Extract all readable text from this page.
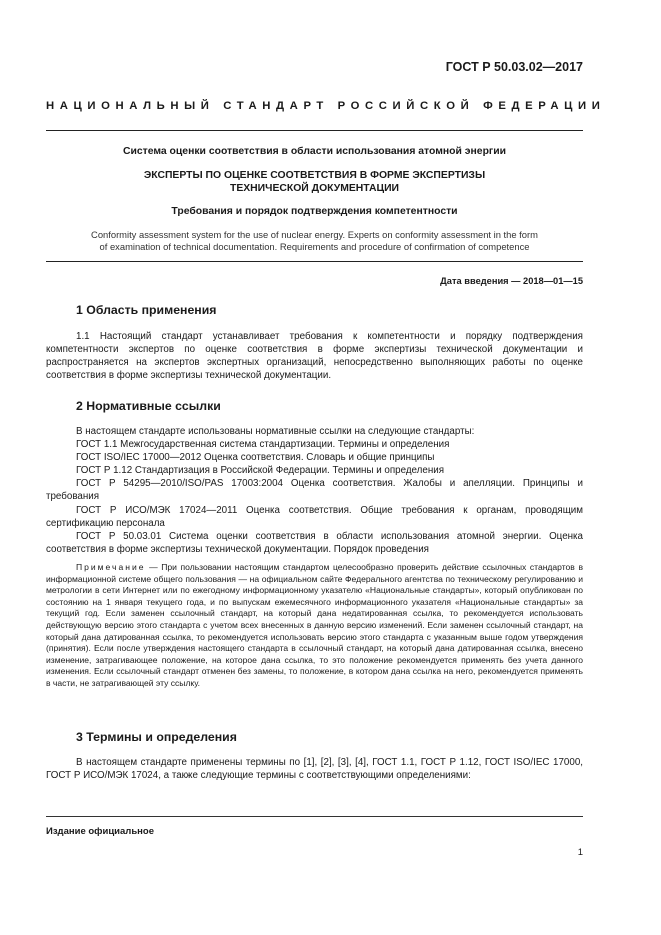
ГОСТ Р 50.03.02—2017
НАЦИОНАЛЬНЫЙ СТАНДАРТ РОССИЙСКОЙ ФЕДЕРАЦИИ
Система оценки соответствия в области использования атомной энергии
ЭКСПЕРТЫ ПО ОЦЕНКЕ СООТВЕТСТВИЯ В ФОРМЕ ЭКСПЕРТИЗЫ
ТЕХНИЧЕСКОЙ ДОКУМЕНТАЦИИ
Требования и порядок подтверждения компетентности
Conformity assessment system for the use of nuclear energy. Experts on conformity assessment in the form
of examination of technical documentation. Requirements and procedure of confirmation of competence
Дата введения — 2018—01—15
1 Область применения

1.1 Настоящий стандарт устанавливает требования к компетентности и порядку подтверждения компетентности экспертов по оценке соответствия в форме экспертизы технической документации и распространяется на экспертов экспертных организаций, непосредственно выполняющих работы по оценке соответствия в форме экспертизы технической документации.

2 Нормативные ссылки

В настоящем стандарте использованы нормативные ссылки на следующие стандарты:

ГОСТ 1.1 Межгосударственная система стандартизации. Термины и определения

ГОСТ ISO/IEC 17000—2012 Оценка соответствия. Словарь и общие принципы

ГОСТ Р 1.12 Стандартизация в Российской Федерации. Термины и определения

ГОСТ Р 54295—2010/ISO/PAS 17003:2004 Оценка соответствия. Жалобы и апелляции. Принципы и требования

ГОСТ Р ИСО/МЭК 17024—2011 Оценка соответствия. Общие требования к органам, проводящим сертификацию персонала

ГОСТ Р 50.03.01 Система оценки соответствия в области использования атомной энергии. Оценка соответствия в форме экспертизы технической документации. Порядок проведения

Примечание — При пользовании настоящим стандартом целесообразно проверить действие ссылочных стандартов в информационной системе общего пользования — на официальном сайте Федерального агентства по техническому регулированию и метрологии в сети Интернет или по ежегодному информационному указателю «Национальные стандарты», который опубликован по состоянию на 1 января текущего года, и по выпускам ежемесячного информационного указателя «Национальные стандарты» за текущий год. Если заменен ссылочный стандарт, на который дана недатированная ссылка, то рекомендуется использовать действующую версию этого стандарта с учетом всех внесенных в данную версию изменений. Если заменен ссылочный стандарт, на который дана датированная ссылка, то рекомендуется использовать версию этого стандарта с указанным выше годом утверждения (принятия). Если после утверждения настоящего стандарта в ссылочный стандарт, на который дана датированная ссылка, внесено изменение, затрагивающее положение, на которое дана ссылка, то это положение рекомендуется применять без учета данного изменения. Если ссылочный стандарт отменен без замены, то положение, в котором дана ссылка на него, рекомендуется применять в части, не затрагивающей эту ссылку.
3 Термины и определения

В настоящем стандарте применены термины по [1], [2], [3], [4], ГОСТ 1.1, ГОСТ Р 1.12, ГОСТ ISO/IEC 17000, ГОСТ Р ИСО/МЭК 17024, а также следующие термины с соответствующими определениями:

Издание официальное
1
